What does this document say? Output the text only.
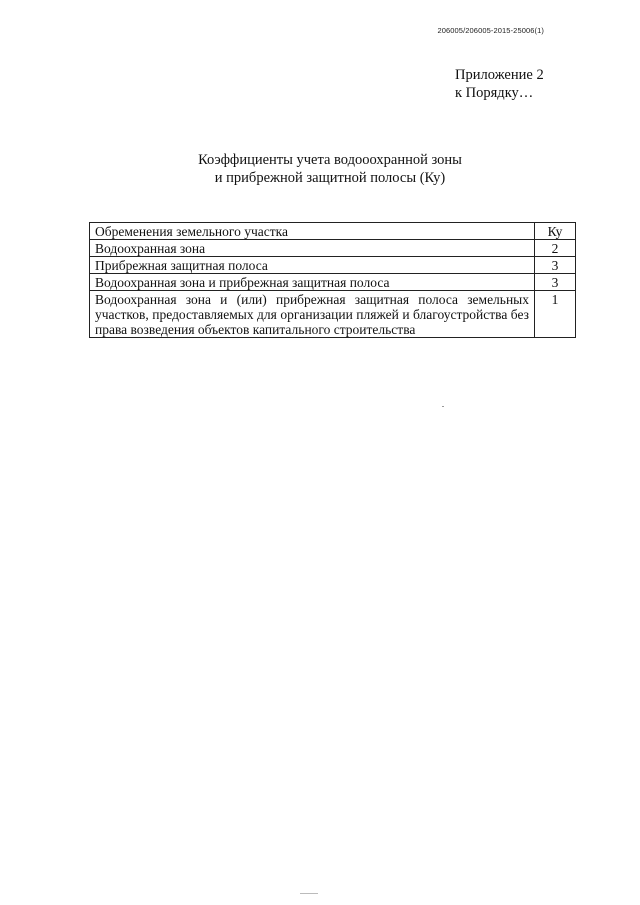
206005/206005-2015-25006(1)
Приложение 2
к Порядку…
Коэффициенты учета водооохранной зоны
и прибрежной защитной полосы (Ку)
Обременения земельного участка	Ку
Водоохранная зона	2
Прибрежная защитная полоса	3
Водоохранная зона и прибрежная защитная полоса	3
Водоохранная зона и (или) прибрежная защитная полоса земельных участков, предоставляемых для организации пляжей и благоустройства без права возведения объектов капитального строительства	1
